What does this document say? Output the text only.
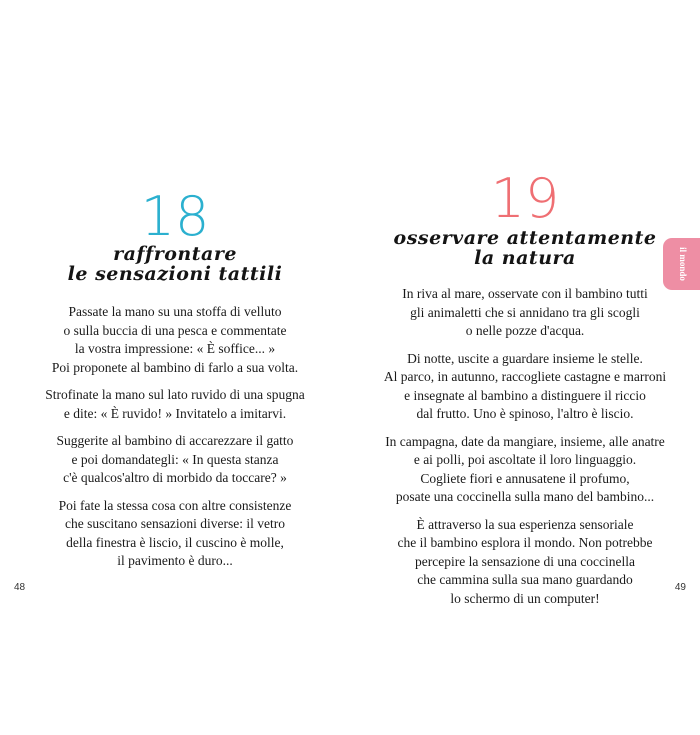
18
raffrontare
le sensazioni tattili

Passate la mano su una stoffa di velluto
o sulla buccia di una pesca e commentate
la vostra impressione: « È soffice... »
Poi proponete al bambino di farlo a sua volta.

Strofinate la mano sul lato ruvido di una spugna
e dite: « È ruvido! » Invitatelo a imitarvi.

Suggerite al bambino di accarezzare il gatto
e poi domandategli: « In questa stanza
c'è qualcos'altro di morbido da toccare? »

Poi fate la stessa cosa con altre consistenze
che suscitano sensazioni diverse: il vetro
della finestra è liscio, il cuscino è molle,
il pavimento è duro...

48
19
osservare attentamente
la natura

In riva al mare, osservate con il bambino tutti
gli animaletti che si annidano tra gli scogli
o nelle pozze d'acqua.

Di notte, uscite a guardare insieme le stelle.
Al parco, in autunno, raccogliete castagne e marroni
e insegnate al bambino a distinguere il riccio
dal frutto. Uno è spinoso, l'altro è liscio.

In campagna, date da mangiare, insieme, alle anatre
e ai polli, poi ascoltate il loro linguaggio.
Cogliete fiori e annusatene il profumo,
posate una coccinella sulla mano del bambino...

È attraverso la sua esperienza sensoriale
che il bambino esplora il mondo. Non potrebbe
percepire la sensazione di una coccinella
che cammina sulla sua mano guardando
lo schermo di un computer!

49
il mondo
